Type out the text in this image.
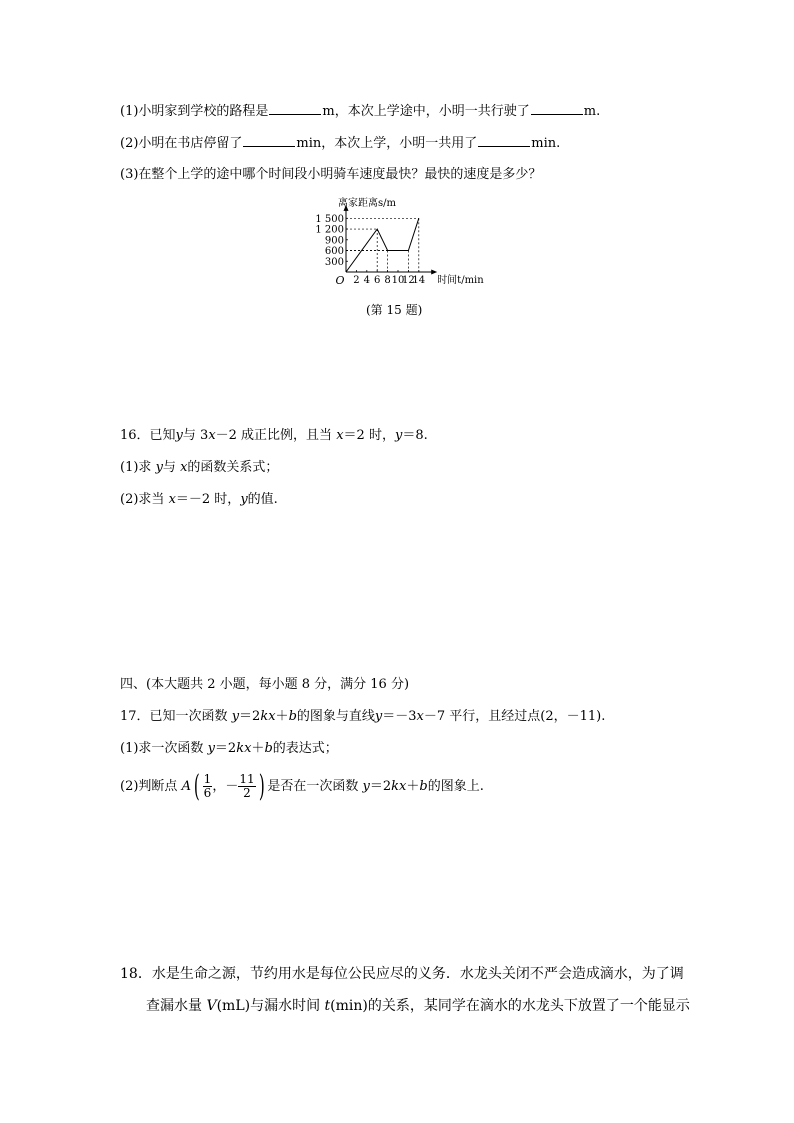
(1)小明家到学校的路程是	m，本次上学途中，小明一共行驶了	m.
(2)小明在书店停留了	min，本次上学，小明一共用了	min.
(3)在整个上学的途中哪个时间段小明骑车速度最快？最快的速度是多少？
300
600
900
1 200
1 500
2 4 6 8 10
12
14
O
离家距离s/m
时间t/min
(第 15 题)
16．已知y与 3x－2 成正比例，且当 x＝2 时，y＝8.
(1)求 y与 x的函数关系式；
(2)求当 x＝－2 时，y的值.
四、(本大题共 2 小题，每小题 8 分，满分 16 分)
17．已知一次函数 y＝2kx＋b的图象与直线y＝－3x－7 平行，且经过点(2，－11).
(1)求一次函数 y＝2kx＋b的表达式；
(2)判断点 $A( \frac{1}{6}$ ，－ $\frac{11}{2}$ ) 是否在一次函数 y＝2kx＋b的图象上.
18．水是生命之源，节约用水是每位公民应尽的义务．水龙头关闭不严会造成滴水，为了调
查漏水量 V(mL)与漏水时间 t(min)的关系，某同学在滴水的水龙头下放置了一个能显示
